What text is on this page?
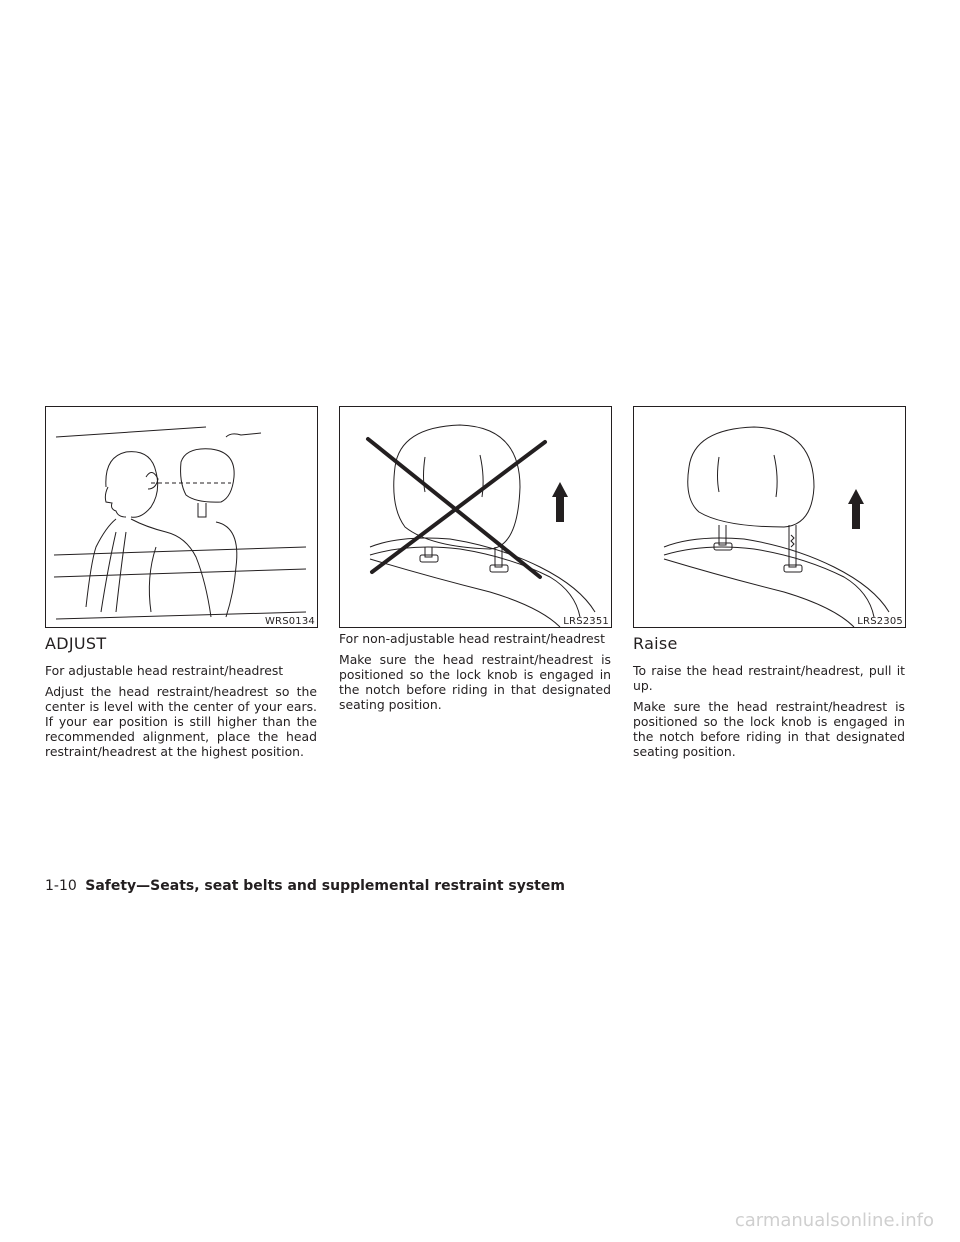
WRS0134	LRS2351	LRS2305
ADJUST

For adjustable head restraint/headrest

Adjust the head restraint/headrest so the center is level with the center of your ears. If your ear position is still higher than the recommended alignment, place the head restraint/headrest at the highest position.

For non-adjustable head restraint/headrest

Make sure the head restraint/headrest is positioned so the lock knob is engaged in the notch before riding in that designated seating position.

Raise

To raise the head restraint/headrest, pull it up.

Make sure the head restraint/headrest is positioned so the lock knob is engaged in the notch before riding in that designated seating position.

1-10 Safety—Seats, seat belts and supplemental restraint system
carmanualsonline.info
